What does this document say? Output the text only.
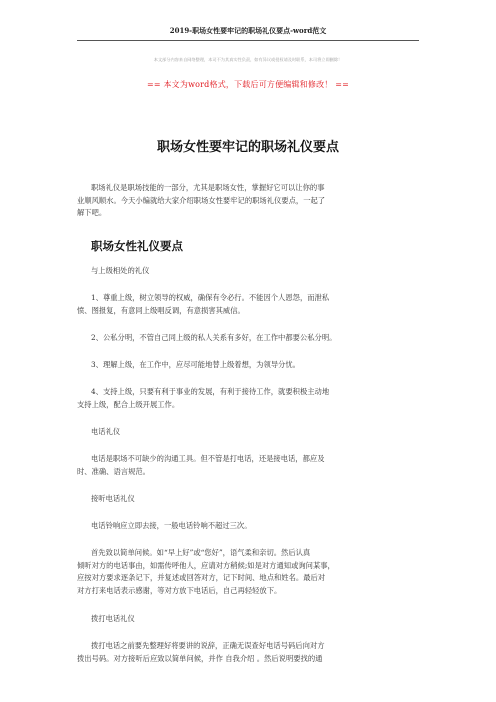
2019-职场女性要牢记的职场礼仪要点-word范文
本文部分内容来自网络整理，本司不为其真实性负责，如有异议或侵权请及时联系，本司将立即删除！
== 本文为word格式，下载后可方便编辑和修改！ ==
职场女性要牢记的职场礼仪要点
职场礼仪是职场技能的一部分，尤其是职场女性，掌握好它可以让你的事
业顺风顺水。今天小编就给大家介绍职场女性要牢记的职场礼仪要点，一起了
解下吧。
职场女性礼仪要点
与上级相处的礼仪
1、尊重上级，树立领导的权威，确保有令必行。不能因个人恩怨，而泄私
愤、图报复，有意同上级唱反调，有意损害其威信。
2、公私分明，不管自己同上级的私人关系有多好，在工作中都要公私分明。
3、理解上级，在工作中，应尽可能地替上级着想，为领导分忧。
4、支持上级，只要有利于事业的发展，有利于接待工作，就要积极主动地
支持上级，配合上级开展工作。
电话礼仪
电话是职场不可缺少的沟通工具。但不管是打电话，还是接电话，都应及
时、准确、语言规范。
接听电话礼仪
电话铃响应立即去接，一般电话铃响不超过三次。
首先致以简单问候。如“早上好”或“您好”，语气柔和亲切。然后认真
倾听对方的电话事由，如需传呼他人，应请对方稍候;如是对方通知或询问某事，
应按对方要求逐条记下，并复述或回答对方，记下时间、地点和姓名。最后对
对方打来电话表示感谢，等对方放下电话后，自己再轻轻放下。
拨打电话礼仪
拨打电话之前要先整理好将要讲的说辞，正确无误查好电话号码后向对方
拨出号码。对方接听后应致以简单问候，并作 自我介绍 。然后说明要找的通
